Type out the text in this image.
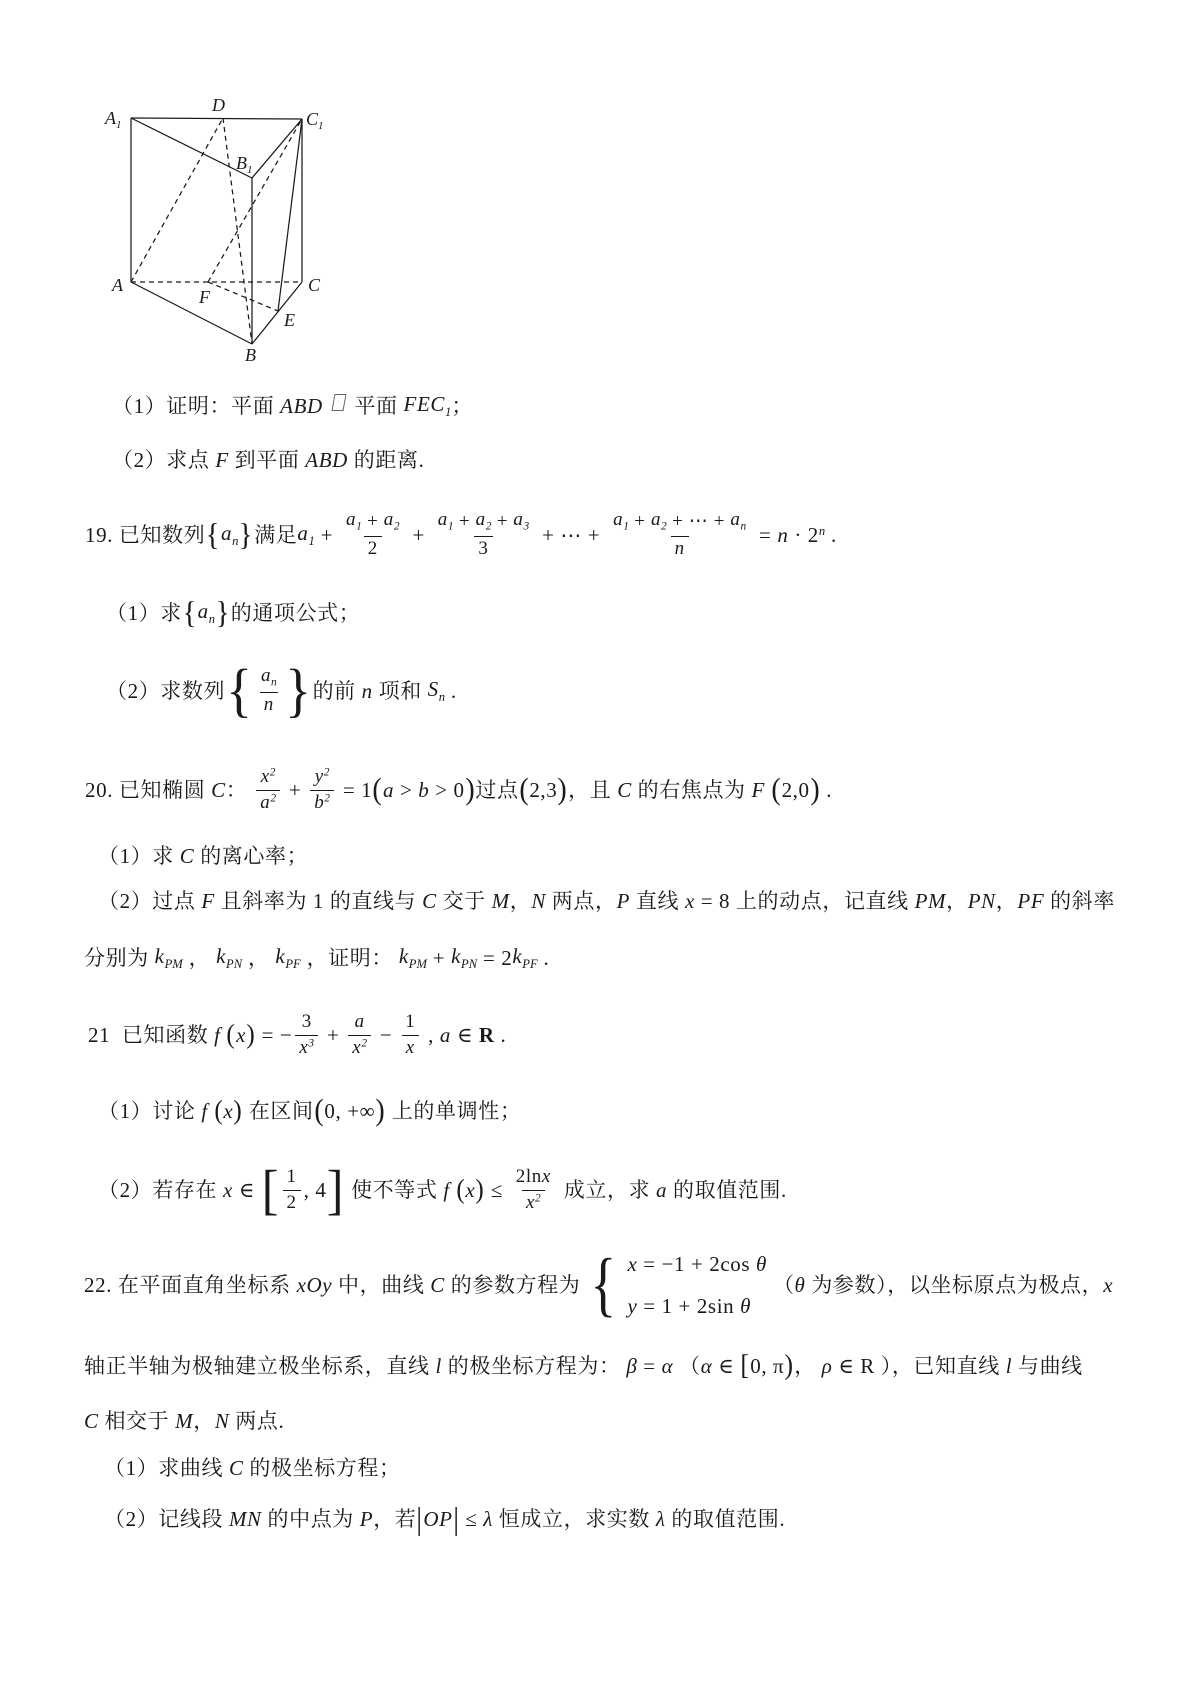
$A_1$
D
$C_1$
$B_1$
A
F
C
E
B
（1）证明：平面 ABD
平面 $FEC_1$ ；
（2）求点 F 到平面 ABD 的距离.
19. 已知数列 { $a_n$ } 满足 $a_1 + \frac{a_1 + a_2}{2} + \frac{a_1 + a_2 + a_3}{3}$ + ⋯ + $\frac{a_1 + a_2 + \cdots + a_n}{n} = n \cdot 2^n$ .
（1）求 { $a_n$ } 的通项公式；
（2）求数列 { $\frac{a_n}{n}$ } 的前 n 项和 $S_n$ .
20. 已知椭圆 C ： $\frac{x^2}{a^2} + \frac{y^2}{b^2} = 1$ ( a > b > 0 ) 过点 ( 2,3 ) ，且 C 的右焦点为 F
( 2,0 ) .
（1）求 C 的离心率；
（2）过点 F 且斜率为 1 的直线与 C 交于 M ， N 两点， P 直线 x = 8 上的动点，记直线 PM ， PN ， PF 的斜率
分别为 $k_{PM}$ ， $k_{PN}$ ， $k_{PF}$ ，证明： $k_{PM} + k_{PN} = 2$ $k_{PF}$ .
21  已知函数 f
( x ) = − $\frac{3}{x^3} + \frac{a}{x^2} - \frac{1}{x}$ , a ∈ R .
（1）讨论 f
( x ) 在区间 ( 0, +∞ ) 上的单调性；
（2）若存在 x ∈ [ $\frac{1}{2}$ , 4 ] 使不等式 f
( x ) ≤ $\frac{\text{2ln x}}{x^2}$ 成立，求 a 的取值范围.
22. 在平面直角坐标系 xOy 中，曲线 C 的参数方程为 { x = −1 + 2cos θ
y = 1 + 2sin θ
（ θ 为参数），以坐标原点为极点， x
轴正半轴为极轴建立极坐标系，直线 l 的极坐标方程为： β = α （ α ∈ [ 0, π ) ， ρ ∈ R ），已知直线 l 与曲线
C 相交于 M ， N 两点.
（1）求曲线 C 的极坐标方程；
（2）记线段 MN 的中点为 P ，若 | OP | ≤ λ 恒成立，求实数 λ 的取值范围.
